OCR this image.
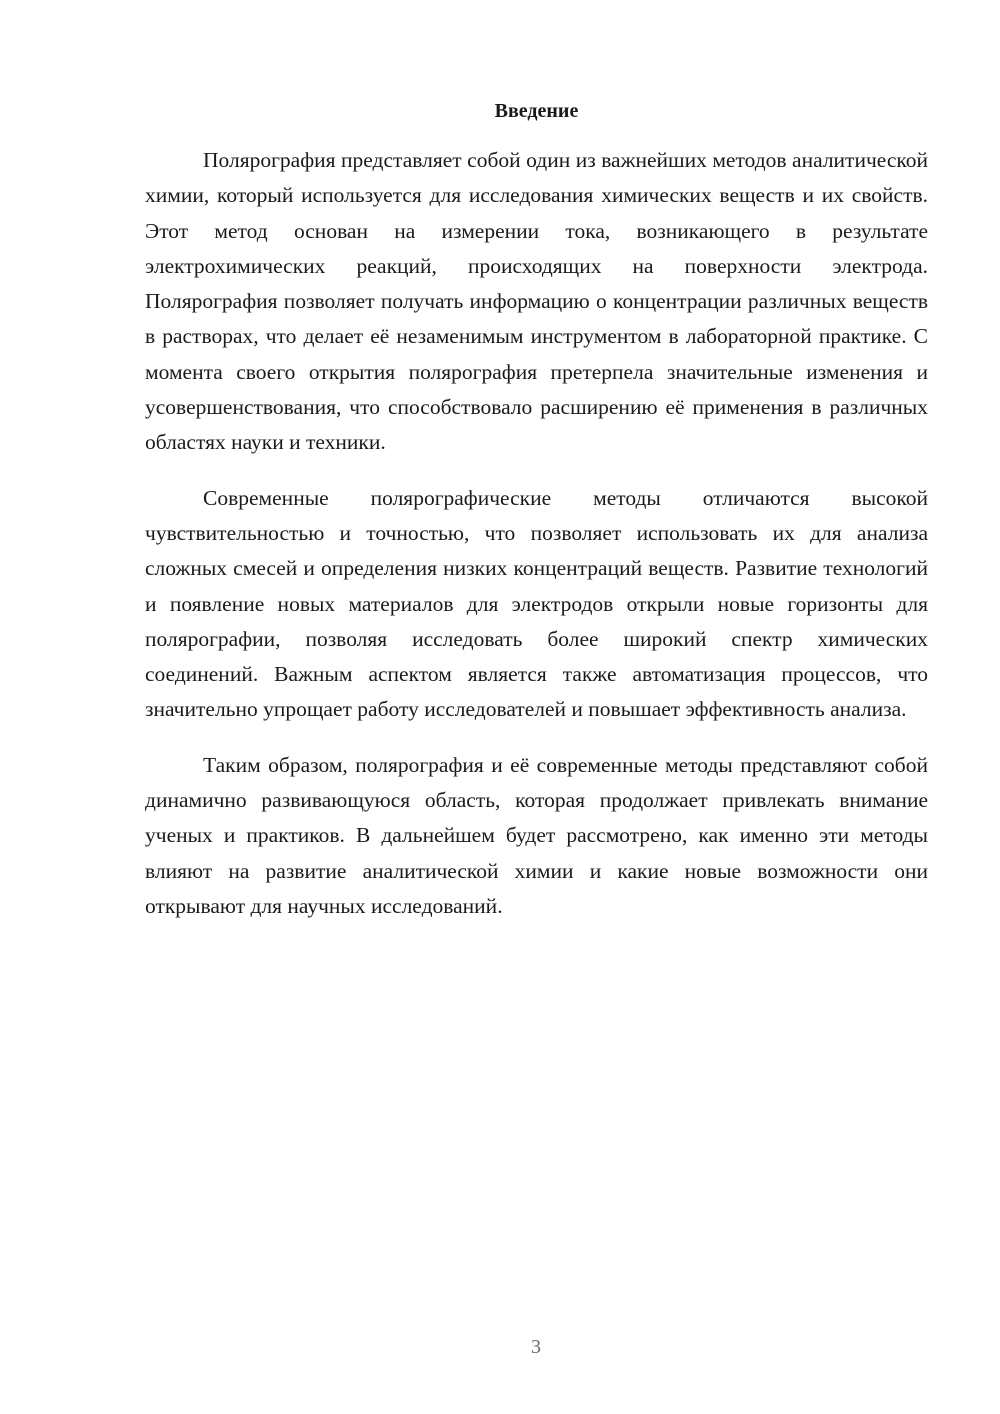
Введение

Полярография представляет собой один из важнейших методов аналитической химии, который используется для исследования химических веществ и их свойств. Этот метод основан на измерении тока, возникающего в результате электрохимических реакций, происходящих на поверхности электрода. Полярография позволяет получать информацию о концентрации различных веществ в растворах, что делает её незаменимым инструментом в лабораторной практике. С момента своего открытия полярография претерпела значительные изменения и усовершенствования, что способствовало расширению её применения в различных областях науки и техники.

Современные полярографические методы отличаются высокой чувствительностью и точностью, что позволяет использовать их для анализа сложных смесей и определения низких концентраций веществ. Развитие технологий и появление новых материалов для электродов открыли новые горизонты для полярографии, позволяя исследовать более широкий спектр химических соединений. Важным аспектом является также автоматизация процессов, что значительно упрощает работу исследователей и повышает эффективность анализа.

Таким образом, полярография и её современные методы представляют собой динамично развивающуюся область, которая продолжает привлекать внимание ученых и практиков. В дальнейшем будет рассмотрено, как именно эти методы влияют на развитие аналитической химии и какие новые возможности они открывают для научных исследований.

3
